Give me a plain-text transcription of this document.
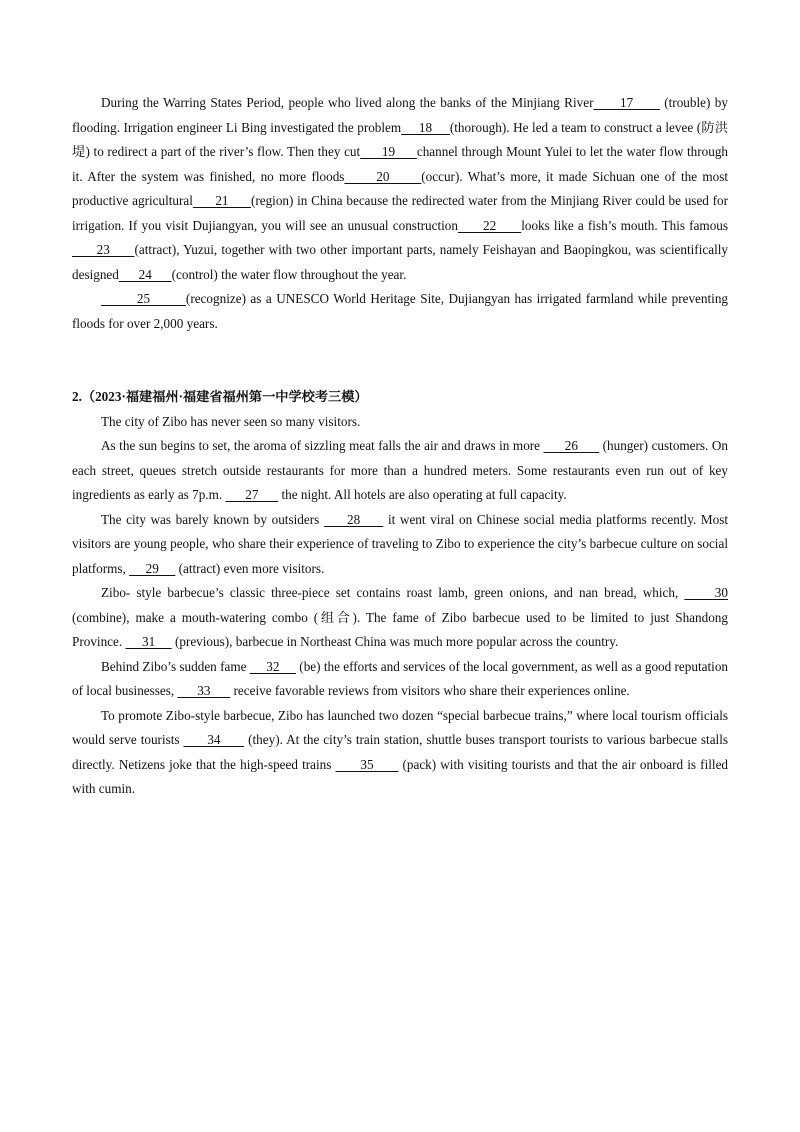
During the Warring States Period, people who lived along the banks of the Minjiang River      17       (trouble) by flooding. Irrigation engineer Li Bing investigated the problem     18     (thorough). He led a team to construct a levee (防洪堤) to redirect a part of the river’s flow. Then they cut      19      channel through Mount Yulei to let the water flow through it. After the system was finished, no more floods      20      (occur). What’s more, it made Sichuan one of the most productive agricultural      21      (region) in China because the redirected water from the Minjiang River could be used for irrigation. If you visit Dujiangyan, you will see an unusual construction      22      looks like a fish’s mouth. This famous      23      (attract), Yuzui, together with two other important parts, namely Feishayan and Baopingkou, was scientifically designed      24      (control) the water flow throughout the year.

25        (recognize) as a UNESCO World Heritage Site, Dujiangyan has irrigated farmland while preventing floods for over 2,000 years.

2.（2023·福建福州·福建省福州第一中学校考三模）

The city of Zibo has never seen so many visitors.

As the sun begins to set, the aroma of sizzling meat falls the air and draws in more       26       (hunger) customers. On each street, queues stretch outside restaurants for more than a hundred meters. Some restaurants even run out of key ingredients as early as 7p.m.       27       the night. All hotels are also operating at full capacity.

The city was barely known by outsiders      28      it went viral on Chinese social media platforms recently. Most visitors are young people, who share their experience of traveling to Zibo to experience the city’s barbecue culture on social platforms,      29      (attract) even more visitors.

Zibo- style barbecue’s classic three-piece set contains roast lamb, green onions, and nan bread, which,      30 (combine), make a mouth-watering combo (组合). The fame of Zibo barbecue used to be limited to just Shandong Province.      31      (previous), barbecue in Northeast China was much more popular across the country.

Behind Zibo’s sudden fame      32      (be) the efforts and services of the local government, as well as a good reputation of local businesses,       33       receive favorable reviews from visitors who share their experiences online.

To promote Zibo-style barbecue, Zibo has launched two dozen “special barbecue trains,” where local tourism officials would serve tourists       34       (they). At the city’s train station, shuttle buses transport tourists to various barbecue stalls directly. Netizens joke that the high-speed trains       35       (pack) with visiting tourists and that the air onboard is filled with cumin.
